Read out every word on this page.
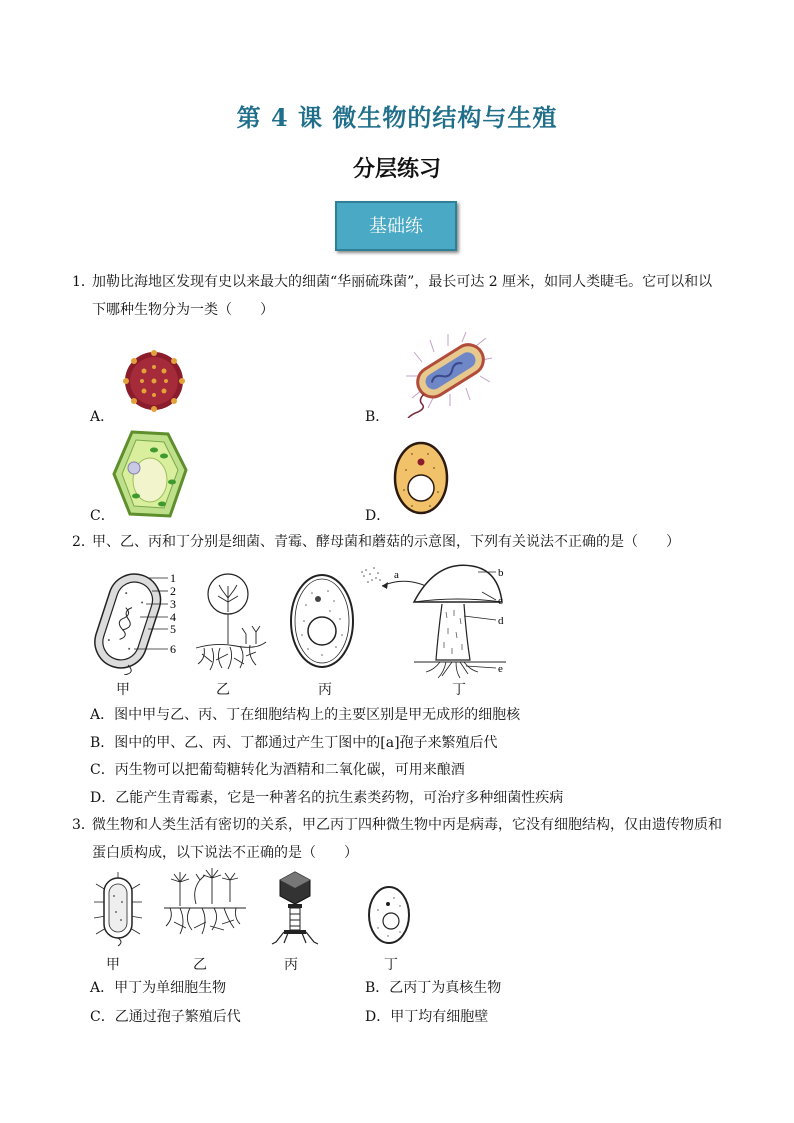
第 4 课 微生物的结构与生殖
分层练习
基础练
1．
加勒比海地区发现有史以来最大的细菌“华丽硫珠菌”，最长可达 2 厘米，如同人类睫毛。它可以和以
下哪种生物分为一类（　　）
A．	B．
C．	D．
2．
甲、乙、丙和丁分别是细菌、青霉、酵母菌和蘑菇的示意图，下列有关说法不正确的是（　　）
1
2
3
4
5
6
甲	乙	丙
a	b
c
d
e
丁
A．图中甲与乙、丙、丁在细胞结构上的主要区别是甲无成形的细胞核
B．图中的甲、乙、丙、丁都通过产生丁图中的[a]孢子来繁殖后代
C．丙生物可以把葡萄糖转化为酒精和二氧化碳，可用来酿酒
D．乙能产生青霉素，它是一种著名的抗生素类药物，可治疗多种细菌性疾病
3．
微生物和人类生活有密切的关系，甲乙丙丁四种微生物中丙是病毒，它没有细胞结构，仅由遗传物质和
蛋白质构成，以下说法不正确的是（　　）
甲	乙	丙	丁
A．甲丁为单细胞生物	B．乙丙丁为真核生物
C．乙通过孢子繁殖后代	D．甲丁均有细胞壁
